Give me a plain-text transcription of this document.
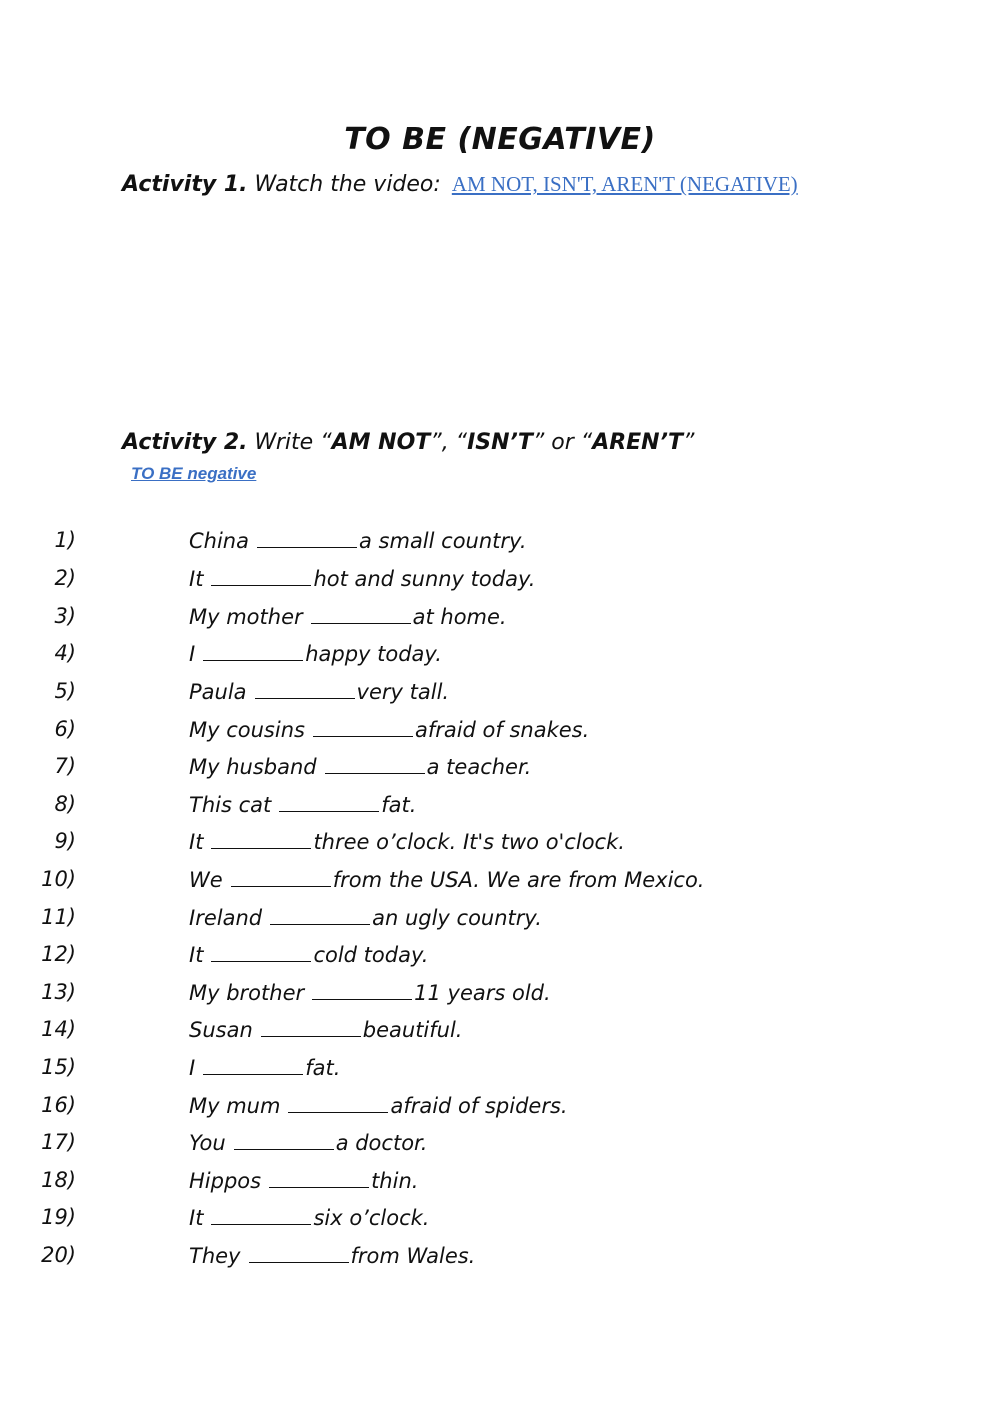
TO BE (NEGATIVE)
Activity 1. Watch the video: AM NOT, ISN'T, AREN'T (NEGATIVE)
Activity 2. Write “AM NOT”, “ISN’T” or “AREN’T”
TO BE negative
1)	China	a small country.
2)	It	hot and sunny today.
3)	My mother	at home.
4)	I	happy today.
5)	Paula	very tall.
6)	My cousins	afraid of snakes.
7)	My husband	a teacher.
8)	This cat	fat.
9)	It	three o’clock. It's two o'clock.
10)	We	from the USA. We are from Mexico.
11)	Ireland	an ugly country.
12)	It	cold today.
13)	My brother	11 years old.
14)	Susan	beautiful.
15)	I	fat.
16)	My mum	afraid of spiders.
17)	You	a doctor.
18)	Hippos	thin.
19)	It	six o’clock.
20)	They	from Wales.
